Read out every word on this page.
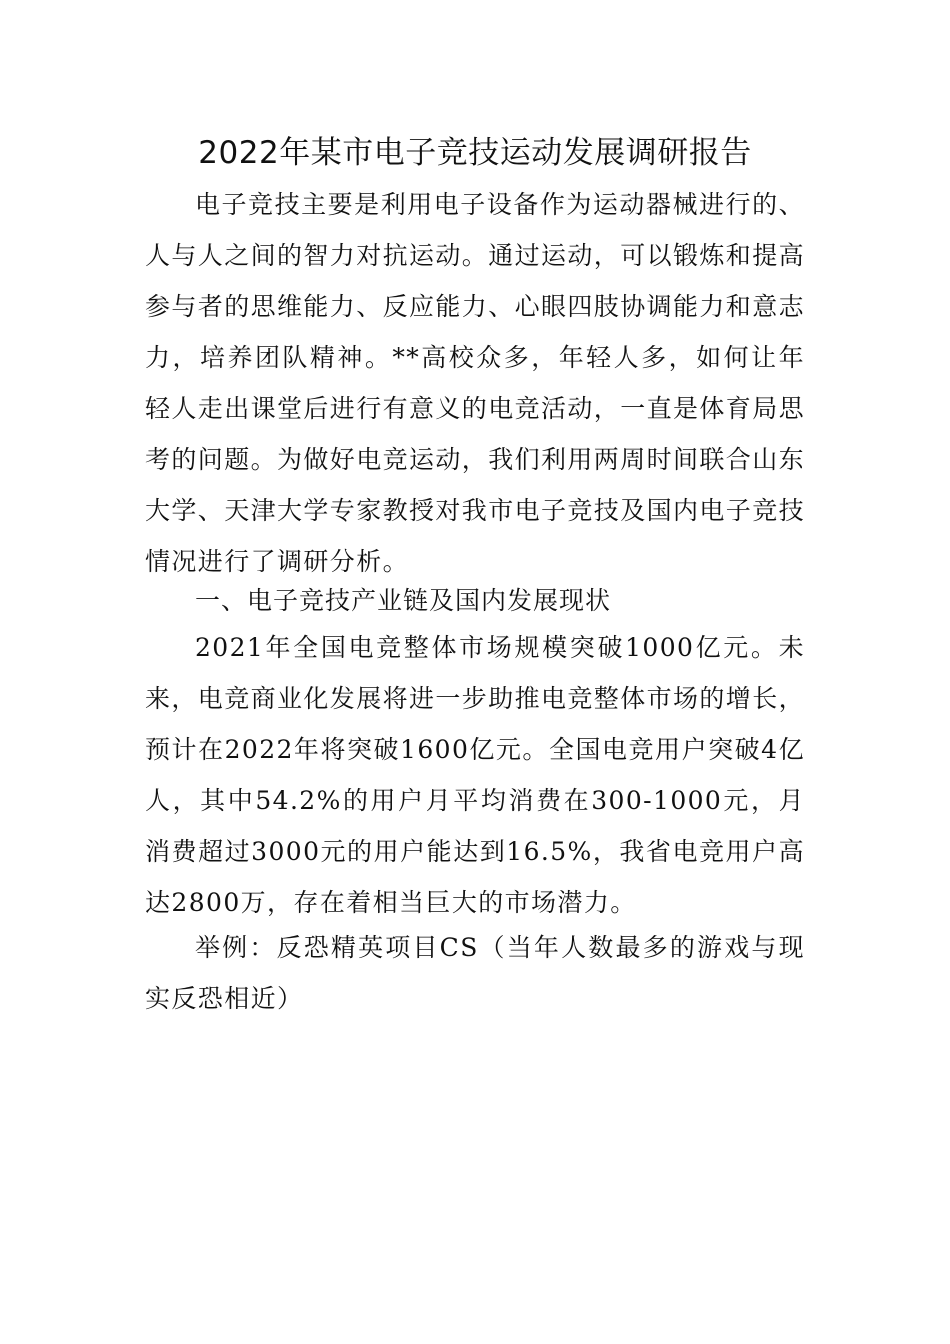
2022年某市电子竞技运动发展调研报告

电子竞技主要是利用电子设备作为运动器械进行的、人与人之间的智力对抗运动。通过运动，可以锻炼和提高参与者的思维能力、反应能力、心眼四肢协调能力和意志力，培养团队精神。**高校众多，年轻人多，如何让年轻人走出课堂后进行有意义的电竞活动，一直是体育局思考的问题。为做好电竞运动，我们利用两周时间联合山东大学、天津大学专家教授对我市电子竞技及国内电子竞技情况进行了调研分析。

一、电子竞技产业链及国内发展现状

2021年全国电竞整体市场规模突破1000亿元。未来，电竞商业化发展将进一步助推电竞整体市场的增长，预计在2022年将突破1600亿元。全国电竞用户突破4亿人，其中54.2%的用户月平均消费在300-1000元，月消费超过3000元的用户能达到16.5%，我省电竞用户高达2800万，存在着相当巨大的市场潜力。

举例：反恐精英项目CS（当年人数最多的游戏与现实反恐相近）
